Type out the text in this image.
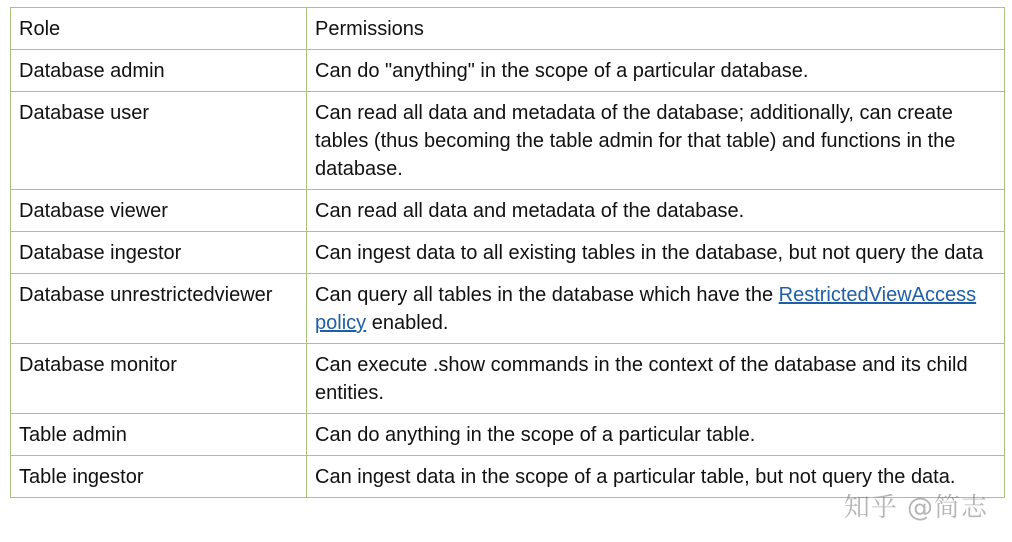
Role	Permissions
Database admin	Can do "anything" in the scope of a particular database.
Database user	Can read all data and metadata of the database; additionally, can create tables (thus becoming the table admin for that table) and functions in the database.
Database viewer	Can read all data and metadata of the database.
Database ingestor	Can ingest data to all existing tables in the database, but not query the data
Database unrestrictedviewer	Can query all tables in the database which have the RestrictedViewAccess policy enabled.
Database monitor	Can execute .show commands in the context of the database and its child entities.
Table admin	Can do anything in the scope of a particular table.
Table ingestor	Can ingest data in the scope of a particular table, but not query the data.
知乎 @简志
